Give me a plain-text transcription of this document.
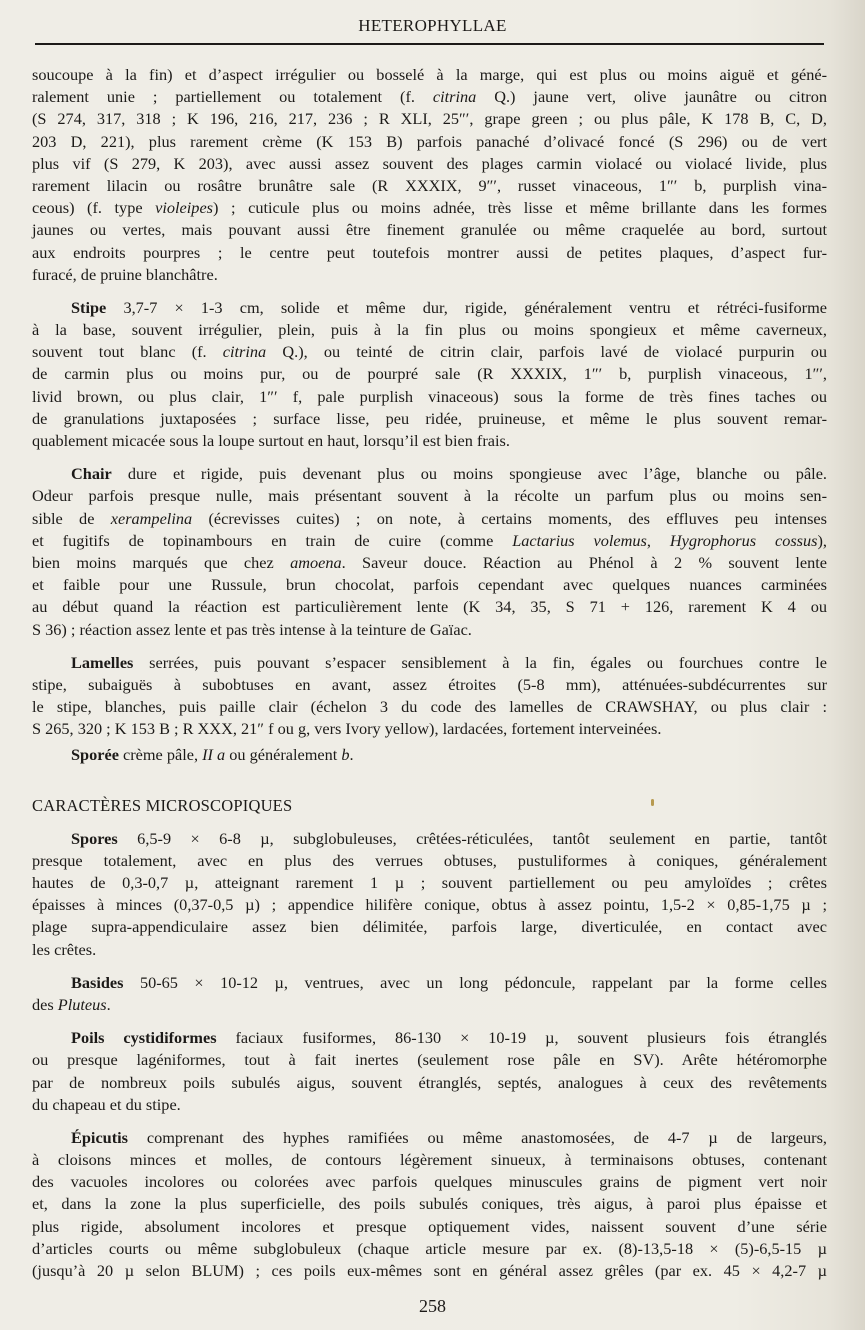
HETEROPHYLLAE
soucoupe à la fin) et d’aspect irrégulier ou bosselé à la marge, qui est plus ou moins aiguë et géné-
ralement unie ; partiellement ou totalement (f. citrina Q.) jaune vert, olive jaunâtre ou citron
(S 274, 317, 318 ; K 196, 216, 217, 236 ; R XLI, 25″′, grape green ; ou plus pâle, K 178 B, C, D,
203 D, 221), plus rarement crème (K 153 B) parfois panaché d’olivacé foncé (S 296) ou de vert
plus vif (S 279, K 203), avec aussi assez souvent des plages carmin violacé ou violacé livide, plus
rarement lilacin ou rosâtre brunâtre sale (R XXXIX, 9″′, russet vinaceous, 1″′ b, purplish vina-
ceous) (f. type violeipes) ; cuticule plus ou moins adnée, très lisse et même brillante dans les formes
jaunes ou vertes, mais pouvant aussi être finement granulée ou même craquelée au bord, surtout
aux endroits pourpres ; le centre peut toutefois montrer aussi de petites plaques, d’aspect fur-
furacé, de pruine blanchâtre.
Stipe 3,7-7 × 1-3 cm, solide et même dur, rigide, généralement ventru et rétréci-fusiforme
à la base, souvent irrégulier, plein, puis à la fin plus ou moins spongieux et même caverneux,
souvent tout blanc (f. citrina Q.), ou teinté de citrin clair, parfois lavé de violacé purpurin ou
de carmin plus ou moins pur, ou de pourpré sale (R XXXIX, 1″′ b, purplish vinaceous, 1″′,
livid brown, ou plus clair, 1″′ f, pale purplish vinaceous) sous la forme de très fines taches ou
de granulations juxtaposées ; surface lisse, peu ridée, pruineuse, et même le plus souvent remar-
quablement micacée sous la loupe surtout en haut, lorsqu’il est bien frais.
Chair dure et rigide, puis devenant plus ou moins spongieuse avec l’âge, blanche ou pâle.
Odeur parfois presque nulle, mais présentant souvent à la récolte un parfum plus ou moins sen-
sible de xerampelina (écrevisses cuites) ; on note, à certains moments, des effluves peu intenses
et fugitifs de topinambours en train de cuire (comme Lactarius volemus, Hygrophorus cossus),
bien moins marqués que chez amoena. Saveur douce. Réaction au Phénol à 2 % souvent lente
et faible pour une Russule, brun chocolat, parfois cependant avec quelques nuances carminées
au début quand la réaction est particulièrement lente (K 34, 35, S 71 + 126, rarement K 4 ou
S 36) ; réaction assez lente et pas très intense à la teinture de Gaïac.
Lamelles serrées, puis pouvant s’espacer sensiblement à la fin, égales ou fourchues contre le
stipe, subaiguës à subobtuses en avant, assez étroites (5-8 mm), atténuées-subdécurrentes sur
le stipe, blanches, puis paille clair (échelon 3 du code des lamelles de CRAWSHAY, ou plus clair :
S 265, 320 ; K 153 B ; R XXX, 21″ f ou g, vers Ivory yellow), lardacées, fortement interveinées.
Sporée crème pâle, II a ou généralement b.
CARACTÈRES MICROSCOPIQUES
Spores 6,5-9 × 6-8 µ, subglobuleuses, crêtées-réticulées, tantôt seulement en partie, tantôt
presque totalement, avec en plus des verrues obtuses, pustuliformes à coniques, généralement
hautes de 0,3-0,7 µ, atteignant rarement 1 µ ; souvent partiellement ou peu amyloïdes ; crêtes
épaisses à minces (0,37-0,5 µ) ; appendice hilifère conique, obtus à assez pointu, 1,5-2 × 0,85-1,75 µ ;
plage supra-appendiculaire assez bien délimitée, parfois large, diverticulée, en contact avec
les crêtes.
Basides 50-65 × 10-12 µ, ventrues, avec un long pédoncule, rappelant par la forme celles
des Pluteus.
Poils cystidiformes faciaux fusiformes, 86-130 × 10-19 µ, souvent plusieurs fois étranglés
ou presque lagéniformes, tout à fait inertes (seulement rose pâle en SV). Arête hétéromorphe
par de nombreux poils subulés aigus, souvent étranglés, septés, analogues à ceux des revêtements
du chapeau et du stipe.
Épicutis comprenant des hyphes ramifiées ou même anastomosées, de 4-7 µ de largeurs,
à cloisons minces et molles, de contours légèrement sinueux, à terminaisons obtuses, contenant
des vacuoles incolores ou colorées avec parfois quelques minuscules grains de pigment vert noir
et, dans la zone la plus superficielle, des poils subulés coniques, très aigus, à paroi plus épaisse et
plus rigide, absolument incolores et presque optiquement vides, naissent souvent d’une série
d’articles courts ou même subglobuleux (chaque article mesure par ex. (8)-13,5-18 × (5)-6,5-15 µ
(jusqu’à 20 µ selon BLUM) ; ces poils eux-mêmes sont en général assez grêles (par ex. 45 × 4,2-7 µ
258
